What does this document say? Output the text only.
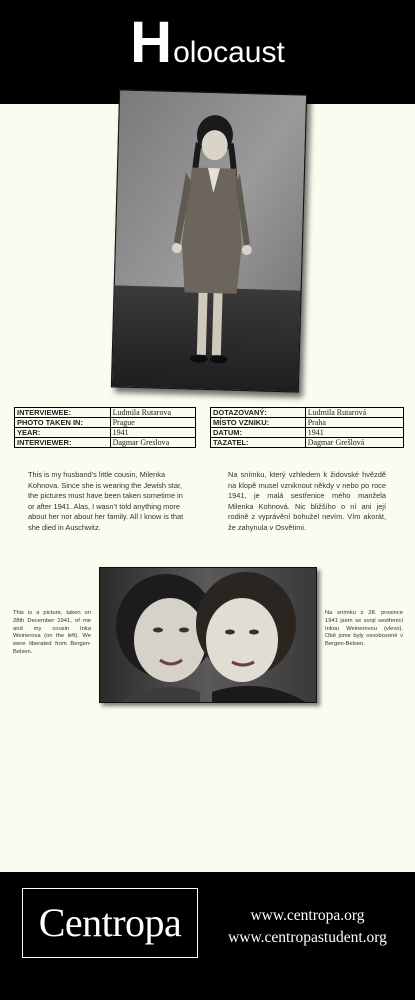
Holocaust
INTERVIEWEE:	Ludmila Rutarova
PHOTO TAKEN IN:	Prague
YEAR:	1941
INTERVIEWER:	Dagmar Greslova
DOTAZOVANÝ:	Ludmila Rutarová
MÍSTO VZNIKU:	Praha
DATUM:	1941
TAZATEL:	Dagmar Grešlová
This is my husband’s little cousin, Milenka Kohnova. Since she is wearing the Jewish star, the pictures must have been taken sometime in or after 1941. Alas, I wasn’t told anything more about her nor about her family. All I know is that she died in Auschwitz.
Na snímku, který vzhledem k židovské hvězdě na klopě musel vzniknout někdy v nebo po roce 1941, je malá sestřenice mého manžela Milenka Kohnová. Nic bližšího o ní ani její rodině z vyprávění bohužel nevím. Vím akorát, že zahynula v Osvětimi.
This is a picture, taken on 28th December 1941, of me and my cousin Inka Weinerova (on the left). We were liberated from Bergen-Belsen.
Na snímku z 28. prosince 1941 jsem se svojí sestřenicí Inkou Weinerovou (vlevo). Obě jsme byly osvobozené v Bergen-Belsen.
Centropa	www.centropa.org
www.centropastudent.org
